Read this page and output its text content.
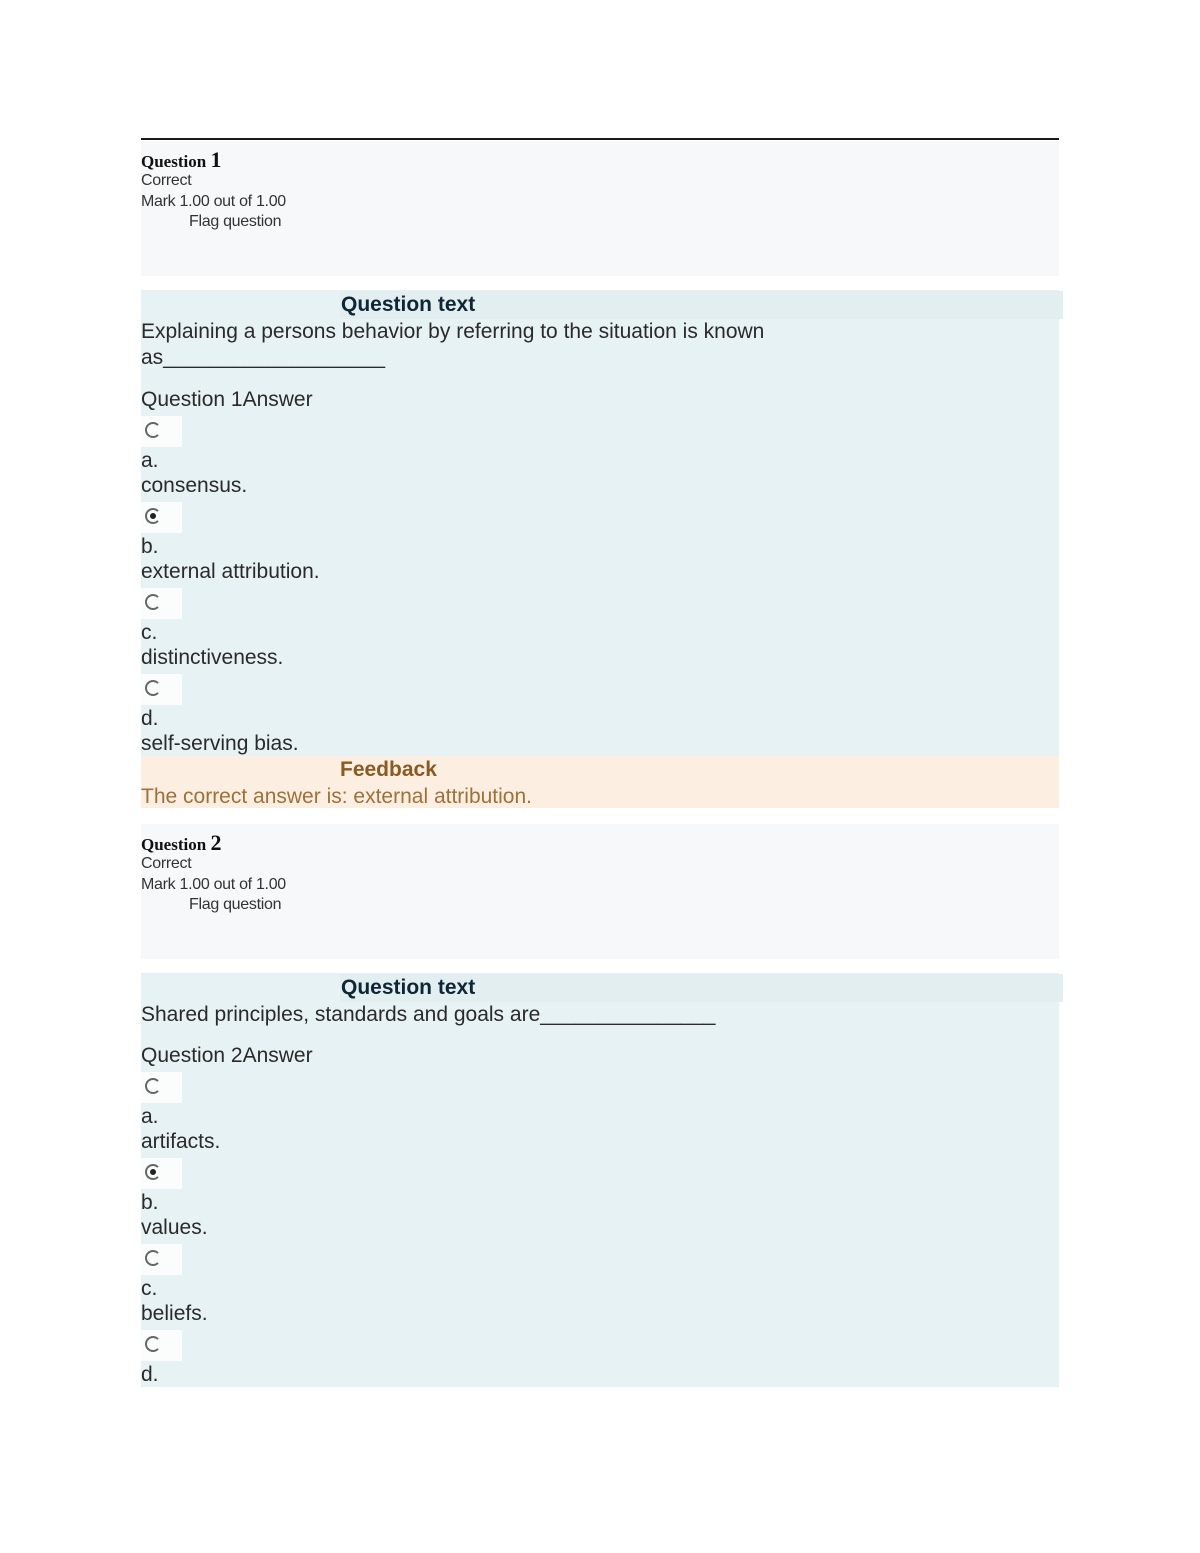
Question 1
Correct
Mark 1.00 out of 1.00
Flag question
Question text
Explaining a persons behavior by referring to the situation is known
as___________________
Question 1Answer
a.
consensus.
b.
external attribution.
c.
distinctiveness.
d.
self-serving bias.
Feedback
The correct answer is: external attribution.
Question 2
Correct
Mark 1.00 out of 1.00
Flag question
Question text
Shared principles, standards and goals are_______________
Question 2Answer
a.
artifacts.
b.
values.
c.
beliefs.
d.
